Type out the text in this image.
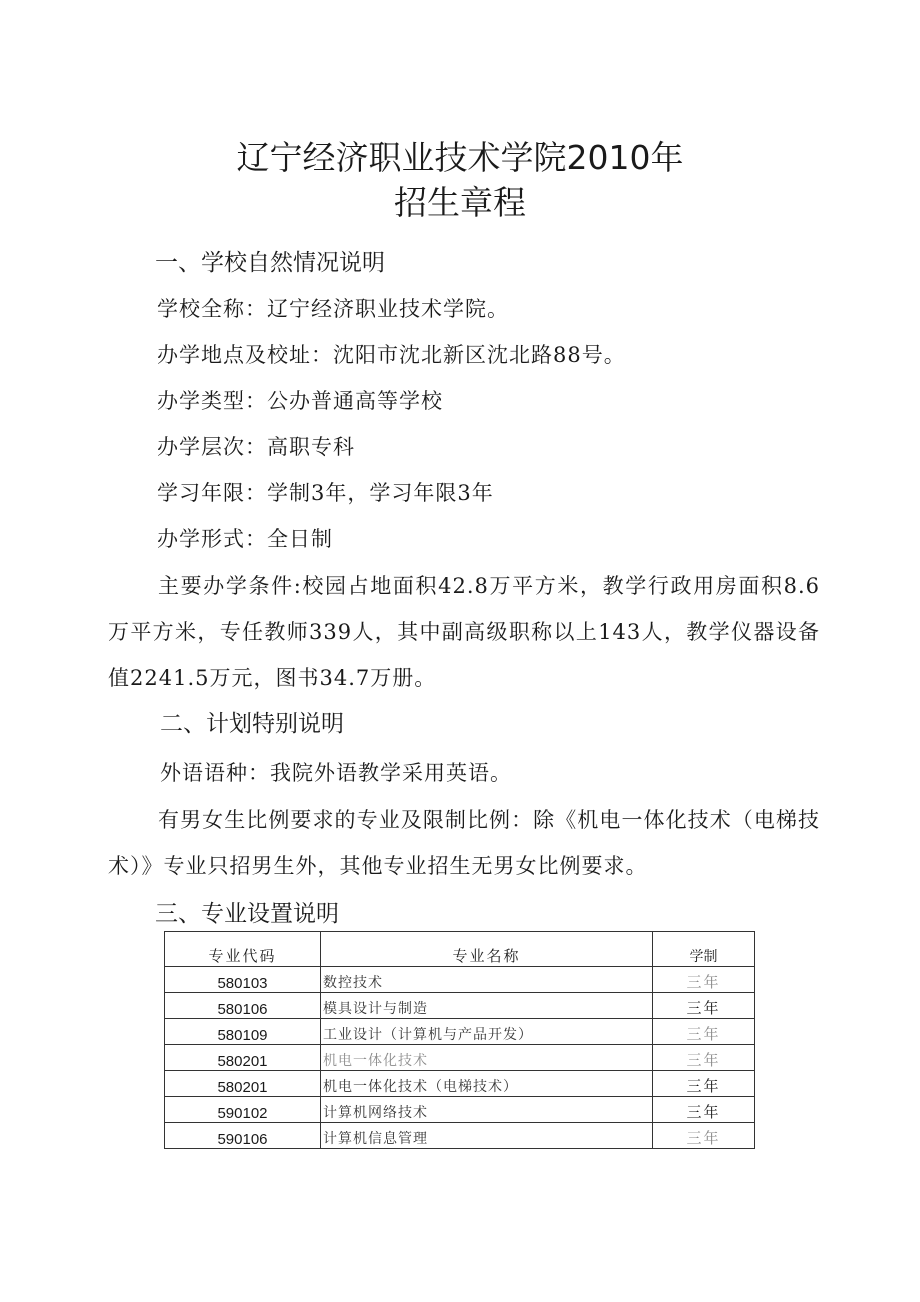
辽宁经济职业技术学院2010年
招生章程
一、学校自然情况说明
学校全称：辽宁经济职业技术学院。
办学地点及校址：沈阳市沈北新区沈北路88号。
办学类型：公办普通高等学校
办学层次：高职专科
学习年限：学制3年，学习年限3年
办学形式：全日制
主要办学条件:校园占地面积42.8万平方米，教学行政用房面积8.6万平方米，专任教师339人，其中副高级职称以上143人，教学仪器设备值2241.5万元，图书34.7万册。
二、计划特别说明
外语语种：我院外语教学采用英语。
有男女生比例要求的专业及限制比例：除《机电一体化技术（电梯技术）》专业只招男生外，其他专业招生无男女比例要求。
三、专业设置说明
专业代码	专业名称	学制
580103	数控技术	三年
580106	模具设计与制造	三年
580109	工业设计（计算机与产品开发）	三年
580201	机电一体化技术	三年
580201	机电一体化技术（电梯技术）	三年
590102	计算机网络技术	三年
590106	计算机信息管理	三年
